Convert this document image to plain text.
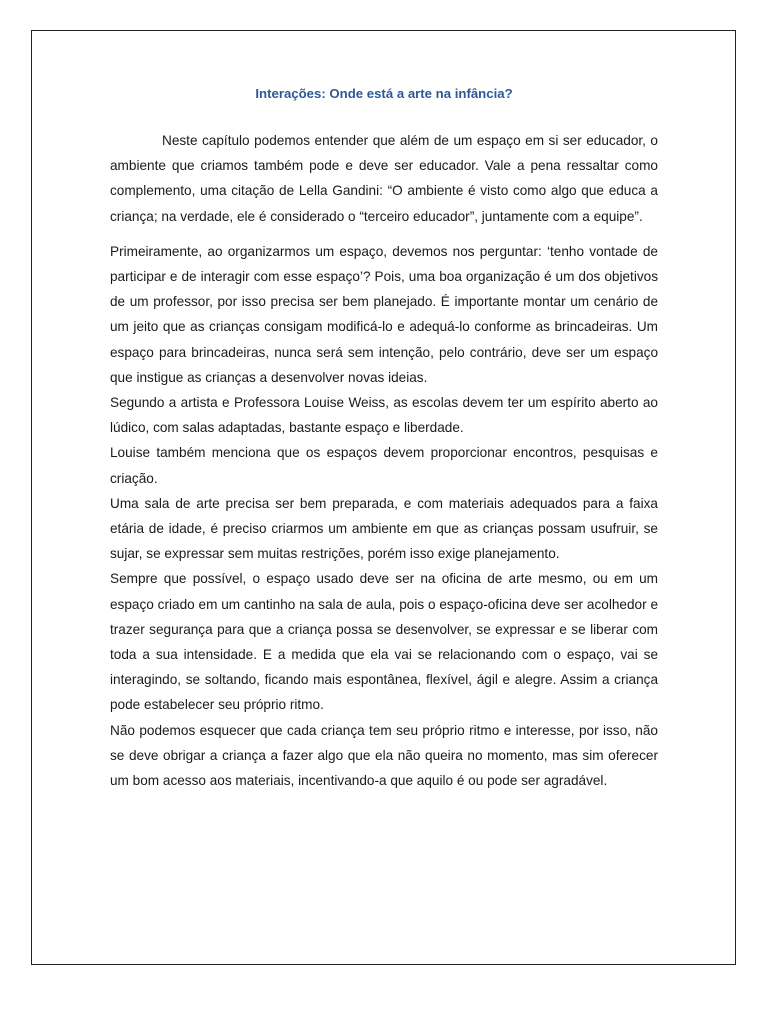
Interações: Onde está a arte na infância?

Neste capítulo podemos entender que além de um espaço em si ser educador, o ambiente que criamos também pode e deve ser educador. Vale a pena ressaltar como complemento, uma citação de Lella Gandini: “O ambiente é visto como algo que educa a criança; na verdade, ele é considerado o “terceiro educador”, juntamente com a equipe”.

Primeiramente, ao organizarmos um espaço, devemos nos perguntar: ‘tenho vontade de participar e de interagir com esse espaço’? Pois, uma boa organização é um dos objetivos de um professor, por isso precisa ser bem planejado. É importante montar um cenário de um jeito que as crianças consigam modificá-lo e adequá-lo conforme as brincadeiras. Um espaço para brincadeiras, nunca será sem intenção, pelo contrário, deve ser um espaço que instigue as crianças a desenvolver novas ideias.

Segundo a artista e Professora Louise Weiss, as escolas devem ter um espírito aberto ao lúdico, com salas adaptadas, bastante espaço e liberdade.

Louise também menciona que os espaços devem proporcionar encontros, pesquisas e criação.

Uma sala de arte precisa ser bem preparada, e com materiais adequados para a faixa etária de idade, é preciso criarmos um ambiente em que as crianças possam usufruir, se sujar, se expressar sem muitas restrições, porém isso exige planejamento.

Sempre que possível, o espaço usado deve ser na oficina de arte mesmo, ou em um espaço criado em um cantinho na sala de aula, pois o espaço-oficina deve ser acolhedor e trazer segurança para que a criança possa se desenvolver, se expressar e se liberar com toda a sua intensidade. E a medida que ela vai se relacionando com o espaço, vai se interagindo, se soltando, ficando mais espontânea, flexível, ágil e alegre. Assim a criança pode estabelecer seu próprio ritmo.

Não podemos esquecer que cada criança tem seu próprio ritmo e interesse, por isso, não se deve obrigar a criança a fazer algo que ela não queira no momento, mas sim oferecer um bom acesso aos materiais, incentivando-a que aquilo é ou pode ser agradável.
